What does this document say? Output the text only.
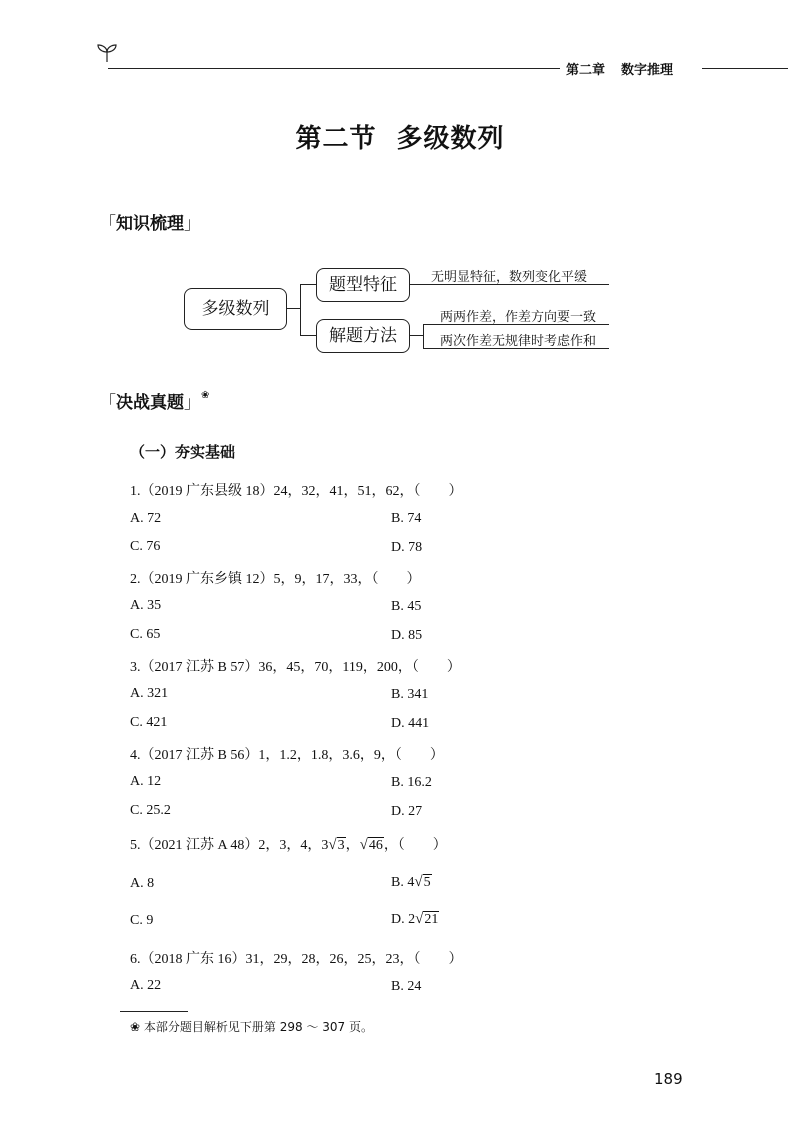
第二章 数字推理
第二节 多级数列
「知识梳理」
多级数列
题型特征	无明显特征，数列变化平缓
解题方法
两两作差，作差方向要一致
两次作差无规律时考虑作和
「决战真题」❀
（一）夯实基础
1.（2019 广东县级 18）24，32，41，51，62，（　　）
A. 72	B. 74
C. 76	D. 78
2.（2019 广东乡镇 12）5，9，17，33，（　　）
A. 35	B. 45
C. 65	D. 85
3.（2017 江苏 B 57）36，45，70，119，200，（　　）
A. 321	B. 341
C. 421	D. 441
4.（2017 江苏 B 56）1，1.2，1.8，3.6，9，（　　）
A. 12	B. 16.2
C. 25.2	D. 27
5.（2021 江苏 A 48）2，3，4，3√3，√46，（　　）
A. 8	B. 4√5
C. 9	D. 2√21
6.（2018 广东 16）31，29，28，26，25，23，（　　）
A. 22	B. 24
❀ 本部分题目解析见下册第 298 ～ 307 页。
189
